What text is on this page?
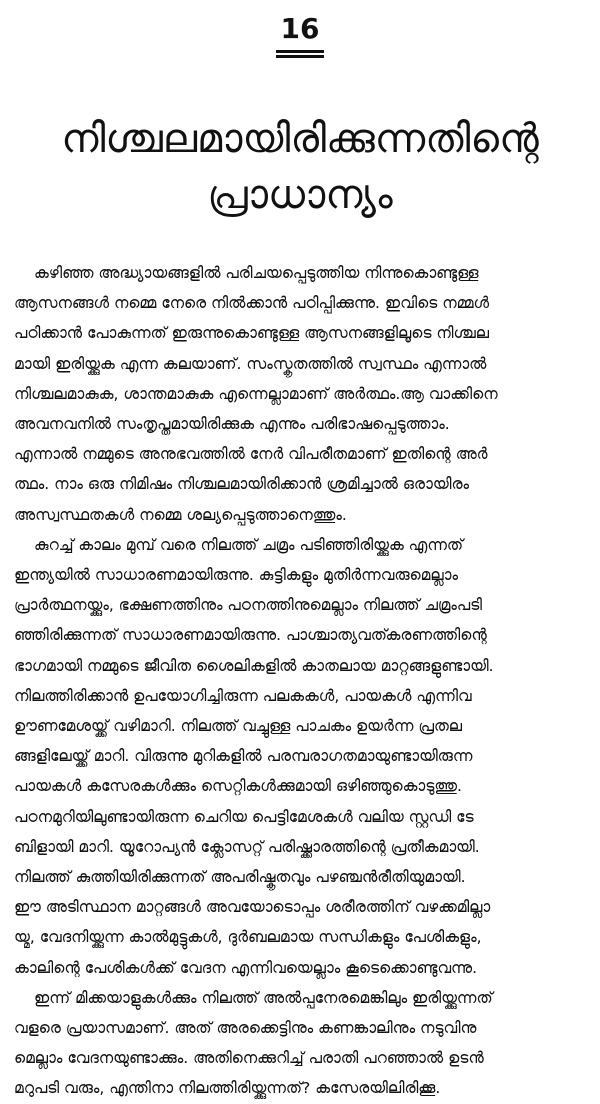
16
നിശ്ചലമായിരിക്കുന്നതിന്റെ
പ്രാധാന്യം
കഴിഞ്ഞ അദ്ധ്യായങ്ങളിൽ പരിചയപ്പെടുത്തിയ നിന്നുകൊണ്ടുള്ള
ആസനങ്ങൾ നമ്മെ നേരെ നിൽക്കാൻ പഠിപ്പിക്കുന്നു. ഇവിടെ നമ്മൾ
പഠിക്കാൻ പോകുന്നത് ഇരുന്നുകൊണ്ടുള്ള ആസനങ്ങളിലൂടെ നിശ്ചല
മായി ഇരിയ്ക്കുക എന്ന കലയാണ്. സംസ്കൃതത്തിൽ സ്വസ്ഥം എന്നാൽ
നിശ്ചലമാകുക, ശാന്തമാകുക എന്നെല്ലാമാണ് അർത്ഥം.ആ വാക്കിനെ
അവനവനിൽ സംതൃപ്തമായിരിക്കുക എന്നും പരിഭാഷപ്പെടുത്താം.
എന്നാൽ നമ്മുടെ അനുഭവത്തിൽ നേർ വിപരീതമാണ് ഇതിന്റെ അർ
ത്ഥം. നാം ഒരു നിമിഷം നിശ്ചലമായിരിക്കാൻ ശ്രമിച്ചാൽ ഒരായിരം
അസ്വസ്ഥതകൾ നമ്മെ ശല്യപ്പെടുത്താനെത്തും.
കുറച്ച് കാലം മുമ്പ് വരെ നിലത്ത് ചമ്രം പടിഞ്ഞിരിയ്ക്കുക എന്നത്
ഇന്ത്യയിൽ സാധാരണമായിരുന്നു. കുട്ടികളും മുതിർന്നവരുമെല്ലാം
പ്രാർത്ഥനയ്ക്കും, ഭക്ഷണത്തിനും പഠനത്തിനുമെല്ലാം നിലത്ത് ചമ്രംപടി
ഞ്ഞിരിക്കുന്നത് സാധാരണമായിരുന്നു. പാശ്ചാത്യവത്കരണത്തിന്റെ
ഭാഗമായി നമ്മുടെ ജീവിത ശൈലികളിൽ കാതലായ മാറ്റങ്ങളുണ്ടായി.
നിലത്തിരിക്കാൻ ഉപയോഗിച്ചിരുന്ന പലകകൾ, പായകൾ എന്നിവ
ഊണമേശയ്ക്ക് വഴിമാറി. നിലത്ത് വച്ചുള്ള പാചകം ഉയർന്ന പ്രതല
ങ്ങളിലേയ്ക്ക് മാറി. വിരുന്നു മുറികളിൽ പരമ്പരാഗതമായുണ്ടായിരുന്ന
പായകൾ കസേരകൾക്കും സെറ്റികൾക്കുമായി ഒഴിഞ്ഞുകൊടുത്തു.
പഠനമുറിയിലുണ്ടായിരുന്ന ചെറിയ പെട്ടിമേശകൾ വലിയ സ്റ്റഡി ടേ
ബിളായി മാറി. യൂറോപ്യൻ ക്ലോസറ്റ് പരിഷ്ക്കാരത്തിന്റെ പ്രതീകമായി.
നിലത്ത് കുത്തിയിരിക്കുന്നത് അപരിഷ്കൃതവും പഴഞ്ചൻരീതിയുമായി.
ഈ അടിസ്ഥാന മാറ്റങ്ങൾ അവയോടൊപ്പം ശരീരത്തിന് വഴക്കമില്ലാ
യ്മ, വേദനിയ്ക്കുന്ന കാൽമുട്ടുകൾ, ദുർബലമായ സന്ധികളും പേശികളും,
കാലിന്റെ പേശികൾക്ക് വേദന എന്നിവയെല്ലാം കൂടെക്കൊണ്ടുവന്നു.
ഇന്ന് മിക്കയാളുകൾക്കും നിലത്ത് അൽപ്പനേരമെങ്കിലും ഇരിയ്ക്കുന്നത്
വളരെ പ്രയാസമാണ്. അത് അരക്കെട്ടിനും കണങ്കാലിനും നടുവിനു
മെല്ലാം വേദനയുണ്ടാക്കും. അതിനെക്കുറിച്ച് പരാതി പറഞ്ഞാൽ ഉടൻ
മറുപടി വരും, എന്തിനാ നിലത്തിരിയ്ക്കുന്നത്? കസേരയിലിരിക്കൂ.
